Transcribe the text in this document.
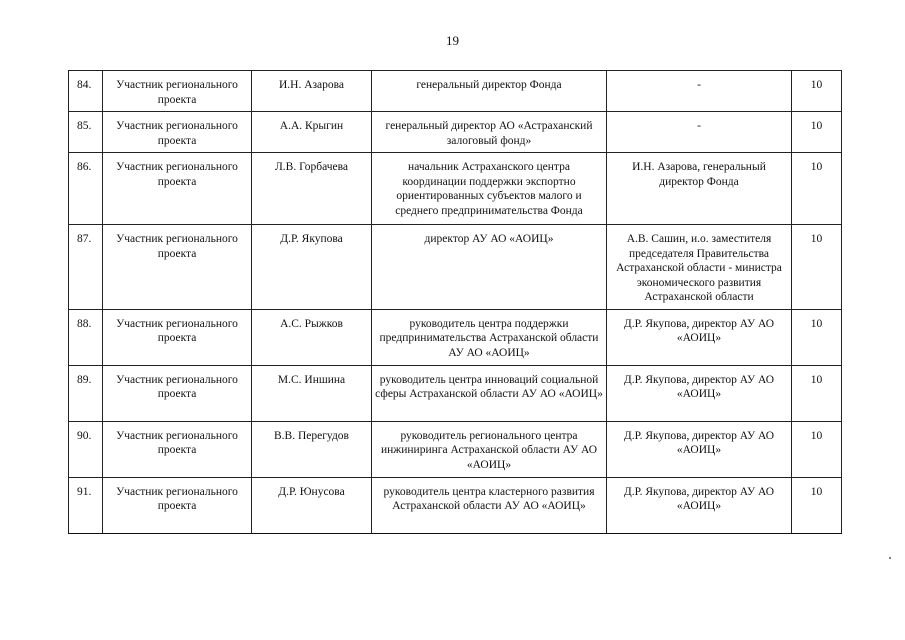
19
84.	Участник регионального проекта	И.Н. Азарова	генеральный директор Фонда	-	10
85.	Участник регионального проекта	А.А. Крыгин	генеральный директор АО «Астраханский залоговый фонд»	-	10
86.	Участник регионального проекта	Л.В. Горбачева	начальник Астраханского центра координации поддержки экспортно ориентированных субъектов малого и среднего предпринимательства Фонда	И.Н. Азарова, генеральный директор Фонда	10
87.	Участник регионального проекта	Д.Р. Якупова	директор АУ АО «АОИЦ»	А.В. Сашин, и.о. заместителя председателя Правительства Астраханской области - министра экономического развития Астраханской области	10
88.	Участник регионального проекта	А.С. Рыжков	руководитель центра поддержки предпринимательства Астраханской области АУ АО «АОИЦ»	Д.Р. Якупова, директор АУ АО «АОИЦ»	10
89.	Участник регионального проекта	М.С. Иншина	руководитель центра инноваций социальной сферы Астраханской области АУ АО «АОИЦ»	Д.Р. Якупова, директор АУ АО «АОИЦ»	10
90.	Участник регионального проекта	В.В. Перегудов	руководитель регионального центра инжиниринга Астраханской области АУ АО «АОИЦ»	Д.Р. Якупова, директор АУ АО «АОИЦ»	10
91.	Участник регионального проекта	Д.Р. Юнусова	руководитель центра кластерного развития Астраханской области АУ АО «АОИЦ»	Д.Р. Якупова, директор АУ АО «АОИЦ»	10
